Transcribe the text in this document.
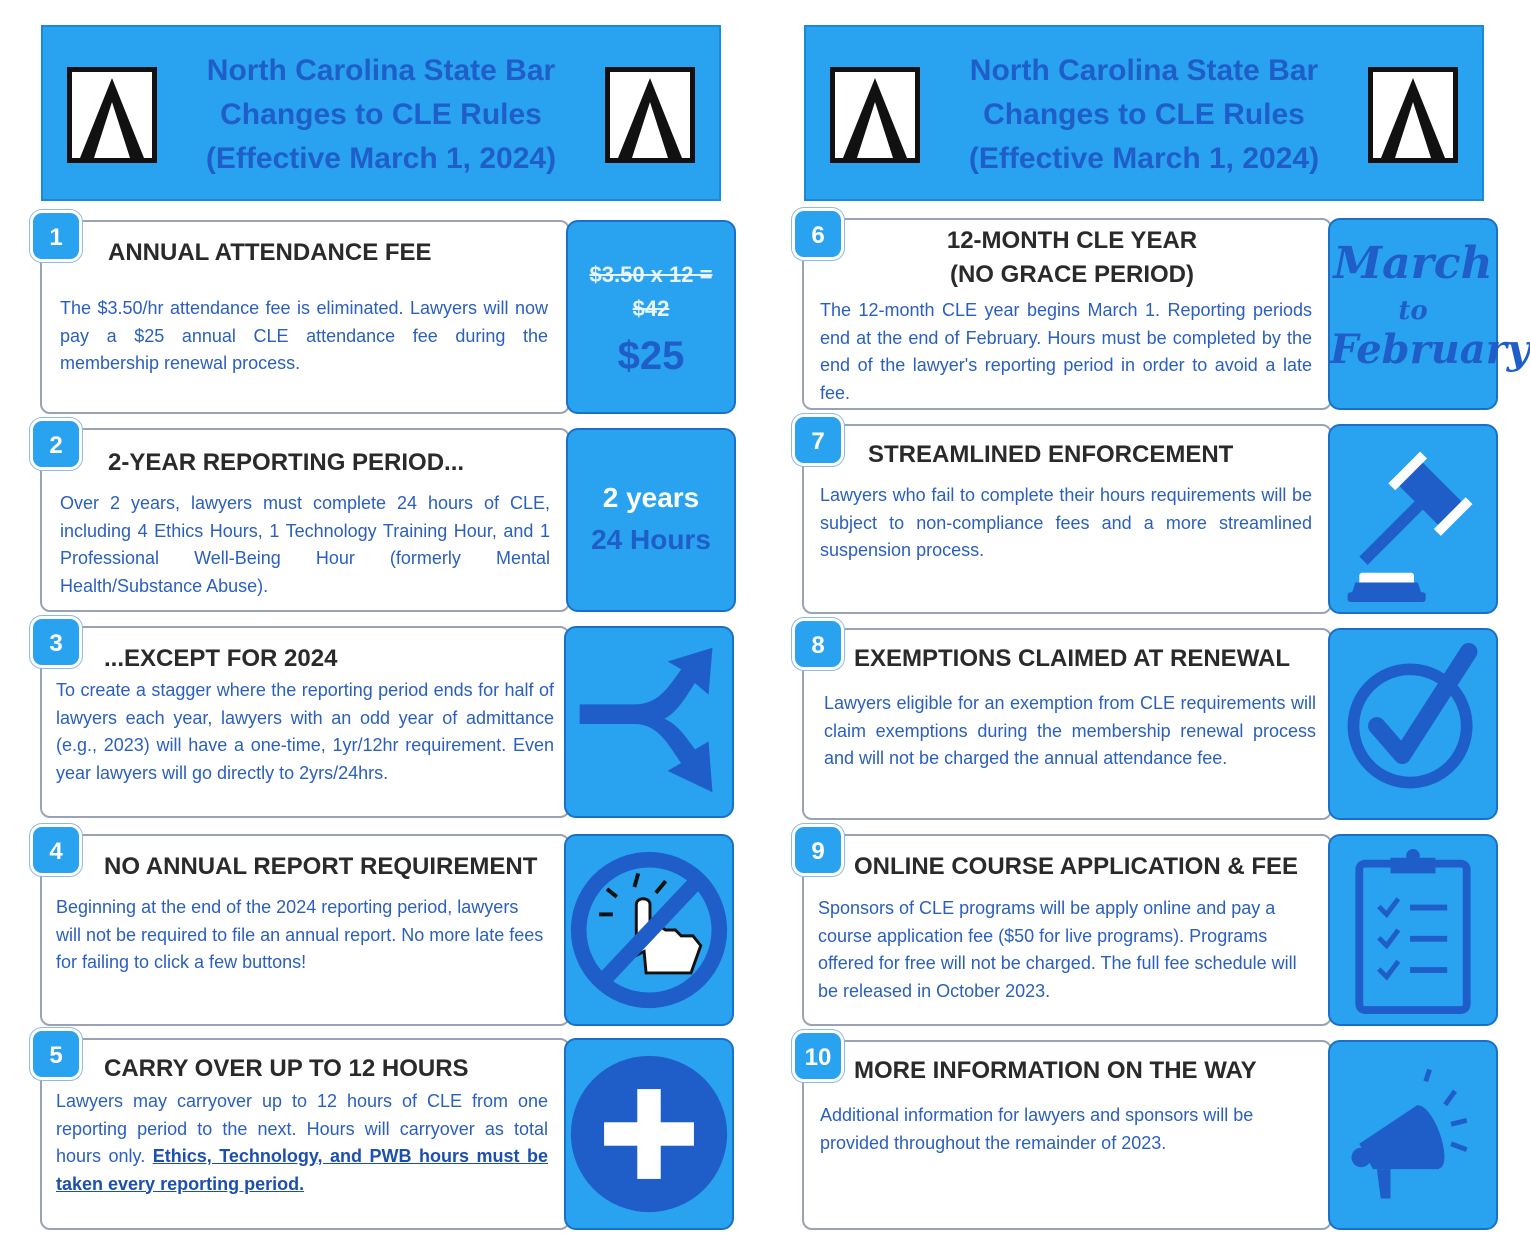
North Carolina State Bar
Changes to CLE Rules
(Effective March 1, 2024)
North Carolina State Bar
Changes to CLE Rules
(Effective March 1, 2024)
ANNUAL ATTENDANCE FEE
The $3.50/hr attendance fee is eliminated. Lawyers will now pay a $25 annual CLE attendance fee during the membership renewal process.
$3.50 x 12 =
$42
$25
1
2-YEAR REPORTING PERIOD...
Over 2 years, lawyers must complete 24 hours of CLE, including 4 Ethics Hours, 1 Technology Training Hour, and 1 Professional Well-Being Hour (formerly Mental Health/Substance Abuse).
2 years
24 Hours
2
...EXCEPT FOR 2024
To create a stagger where the reporting period ends for half of lawyers each year, lawyers with an odd year of admittance (e.g., 2023) will have a one-time, 1yr/12hr requirement. Even year lawyers will go directly to 2yrs/24hrs.
3
NO ANNUAL REPORT REQUIREMENT
Beginning at the end of the 2024 reporting period, lawyers will not be required to file an annual report. No more late fees for failing to click a few buttons!
4
CARRY OVER UP TO 12 HOURS
Lawyers may carryover up to 12 hours of CLE from one reporting period to the next. Hours will carryover as total hours only. Ethics, Technology, and PWB hours must be taken every reporting period.
5
12-MONTH CLE YEAR
(NO GRACE PERIOD)
The 12-month CLE year begins March 1. Reporting periods end at the end of February. Hours must be completed by the end of the lawyer's reporting period in order to avoid a late fee.
March
to
February
6
STREAMLINED ENFORCEMENT
Lawyers who fail to complete their hours requirements will be subject to non-compliance fees and a more streamlined suspension process.
7
EXEMPTIONS CLAIMED AT RENEWAL
Lawyers eligible for an exemption from CLE requirements will claim exemptions during the membership renewal process and will not be charged the annual attendance fee.
8
ONLINE COURSE APPLICATION & FEE
Sponsors of CLE programs will be apply online and pay a course application fee ($50 for live programs). Programs offered for free will not be charged. The full fee schedule will be released in October 2023.
9
MORE INFORMATION ON THE WAY
Additional information for lawyers and sponsors will be provided throughout the remainder of 2023.
10
